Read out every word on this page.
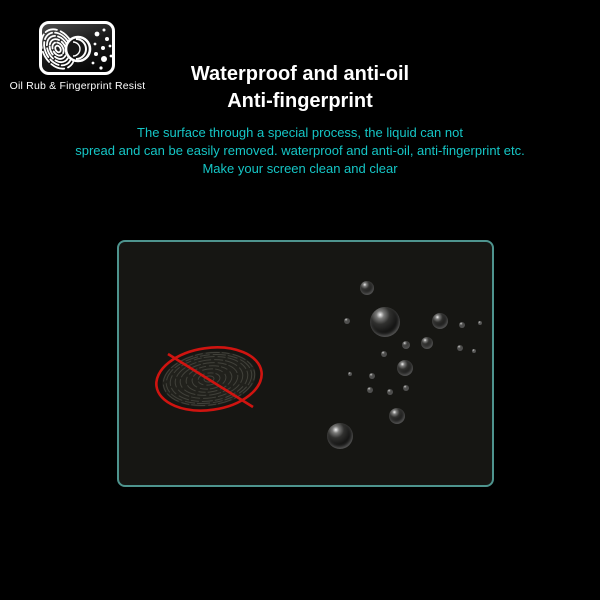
Oil Rub & Fingerprint Resist
Waterproof and anti-oil
Anti-fingerprint
The surface through a special process, the liquid can not
spread and can be easily removed. waterproof and anti-oil, anti-fingerprint etc.
Make your screen clean and clear
